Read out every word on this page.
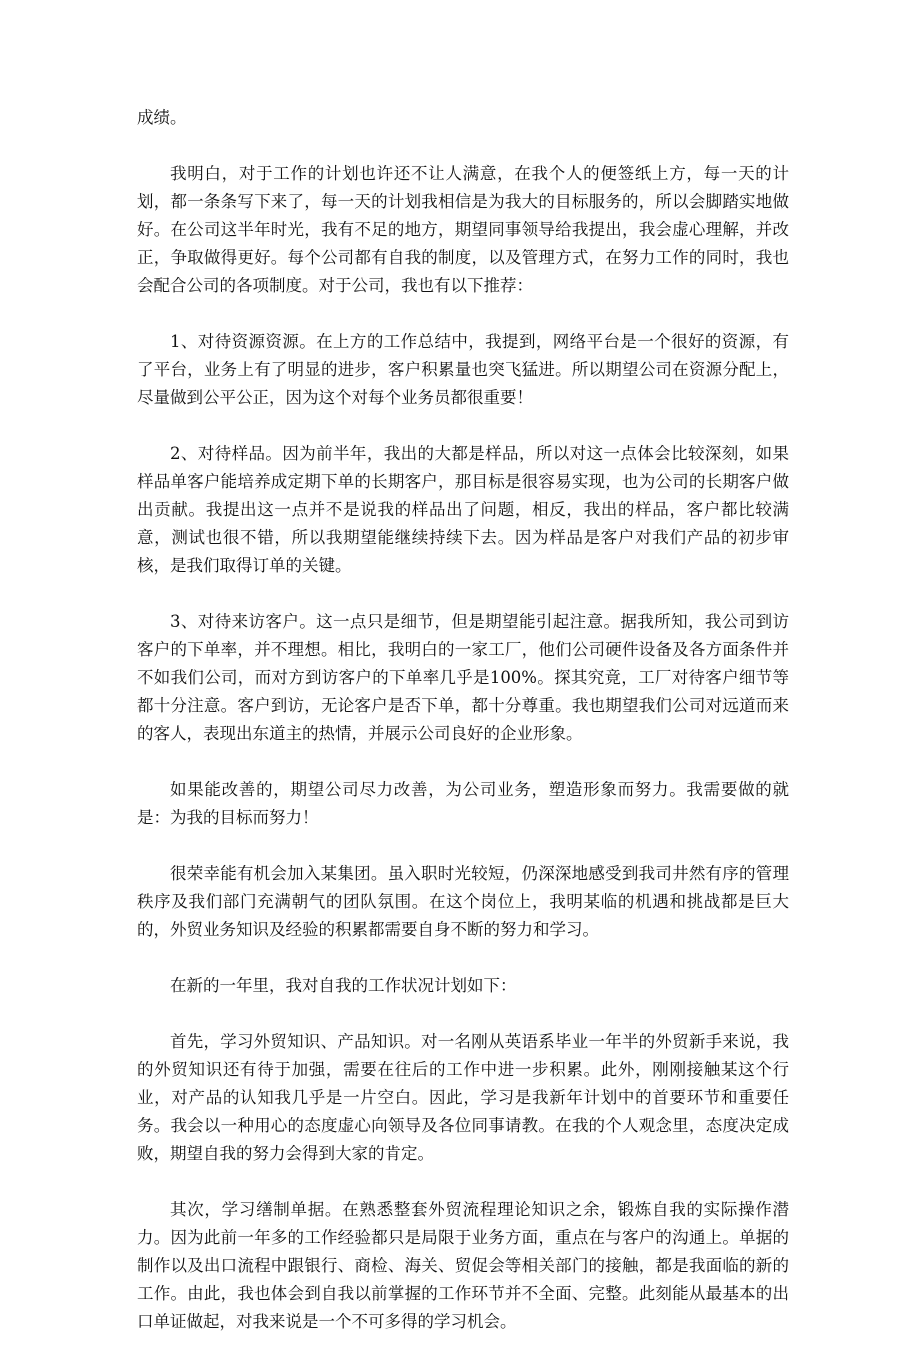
成绩。

我明白，对于工作的计划也许还不让人满意，在我个人的便签纸上方，每一天的计划，都一条条写下来了，每一天的计划我相信是为我大的目标服务的，所以会脚踏实地做好。在公司这半年时光，我有不足的地方，期望同事领导给我提出，我会虚心理解，并改正，争取做得更好。每个公司都有自我的制度，以及管理方式，在努力工作的同时，我也会配合公司的各项制度。对于公司，我也有以下推荐：

1、对待资源资源。在上方的工作总结中，我提到，网络平台是一个很好的资源，有了平台，业务上有了明显的进步，客户积累量也突飞猛进。所以期望公司在资源分配上，尽量做到公平公正，因为这个对每个业务员都很重要！

2、对待样品。因为前半年，我出的大都是样品，所以对这一点体会比较深刻，如果样品单客户能培养成定期下单的长期客户，那目标是很容易实现，也为公司的长期客户做出贡献。我提出这一点并不是说我的样品出了问题，相反，我出的样品，客户都比较满意，测试也很不错，所以我期望能继续持续下去。因为样品是客户对我们产品的初步审核，是我们取得订单的关键。

3、对待来访客户。这一点只是细节，但是期望能引起注意。据我所知，我公司到访客户的下单率，并不理想。相比，我明白的一家工厂，他们公司硬件设备及各方面条件并不如我们公司，而对方到访客户的下单率几乎是100%。探其究竟，工厂对待客户细节等都十分注意。客户到访，无论客户是否下单，都十分尊重。我也期望我们公司对远道而来的客人，表现出东道主的热情，并展示公司良好的企业形象。

如果能改善的，期望公司尽力改善，为公司业务，塑造形象而努力。我需要做的就是：为我的目标而努力！

很荣幸能有机会加入某集团。虽入职时光较短，仍深深地感受到我司井然有序的管理秩序及我们部门充满朝气的团队氛围。在这个岗位上，我明某临的机遇和挑战都是巨大的，外贸业务知识及经验的积累都需要自身不断的努力和学习。

在新的一年里，我对自我的工作状况计划如下：

首先，学习外贸知识、产品知识。对一名刚从英语系毕业一年半的外贸新手来说，我的外贸知识还有待于加强，需要在往后的工作中进一步积累。此外，刚刚接触某这个行业，对产品的认知我几乎是一片空白。因此，学习是我新年计划中的首要环节和重要任务。我会以一种用心的态度虚心向领导及各位同事请教。在我的个人观念里，态度决定成败，期望自我的努力会得到大家的肯定。

其次，学习缮制单据。在熟悉整套外贸流程理论知识之余，锻炼自我的实际操作潜力。因为此前一年多的工作经验都只是局限于业务方面，重点在与客户的沟通上。单据的制作以及出口流程中跟银行、商检、海关、贸促会等相关部门的接触，都是我面临的新的工作。由此，我也体会到自我以前掌握的工作环节并不全面、完整。此刻能从最基本的出口单证做起，对我来说是一个不可多得的学习机会。
